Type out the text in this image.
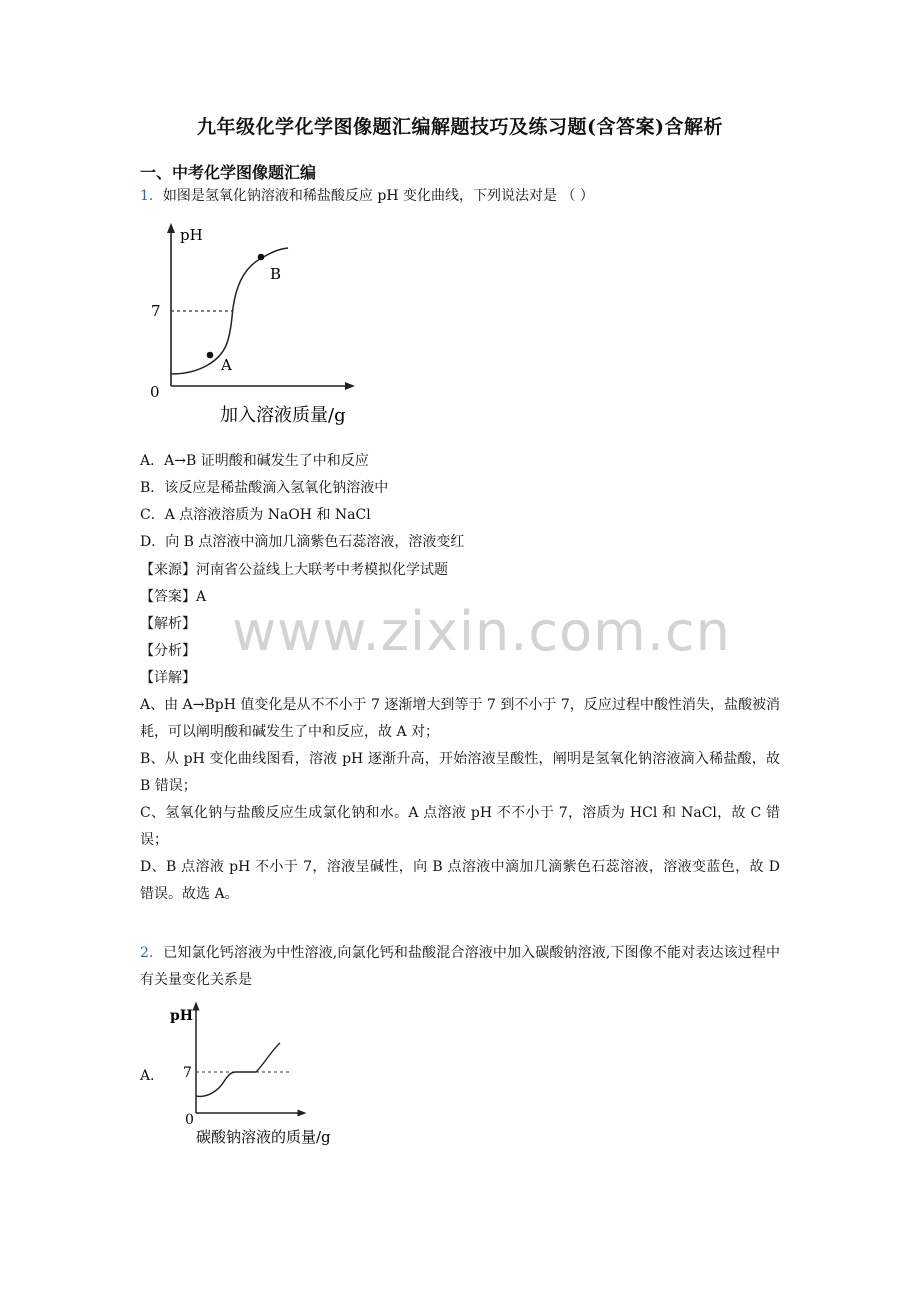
九年级化学化学图像题汇编解题技巧及练习题(含答案)含解析
一、中考化学图像题汇编
1．如图是氢氧化钠溶液和稀盐酸反应 pH 变化曲线，下列说法对是 （ ）
pH
7
0
A
B
加入溶液质量/g
A．A→B 证明酸和碱发生了中和反应
B．该反应是稀盐酸滴入氢氧化钠溶液中
C．A 点溶液溶质为 NaOH 和 NaCl
D．向 B 点溶液中滴加几滴紫色石蕊溶液，溶液变红
【来源】河南省公益线上大联考中考模拟化学试题
【答案】A
【解析】
【分析】
【详解】
A、由 A→BpH 值变化是从不不小于 7 逐渐增大到等于 7 到不小于 7，反应过程中酸性消失，盐酸被消耗，可以阐明酸和碱发生了中和反应，故 A 对；
B、从 pH 变化曲线图看，溶液 pH 逐渐升高，开始溶液呈酸性，阐明是氢氧化钠溶液滴入稀盐酸，故 B 错误；
C、氢氧化钠与盐酸反应生成氯化钠和水。A 点溶液 pH 不不小于 7，溶质为 HCl 和 NaCl，故 C 错误；
D、B 点溶液 pH 不小于 7，溶液呈碱性，向 B 点溶液中滴加几滴紫色石蕊溶液，溶液变蓝色，故 D 错误。故选 A。
2．已知氯化钙溶液为中性溶液,向氯化钙和盐酸混合溶液中加入碳酸钠溶液,下图像不能对表达该过程中有关量变化关系是
A．
pH
7
0
碳酸钠溶液的质量/g
www.zixin.com.cn
